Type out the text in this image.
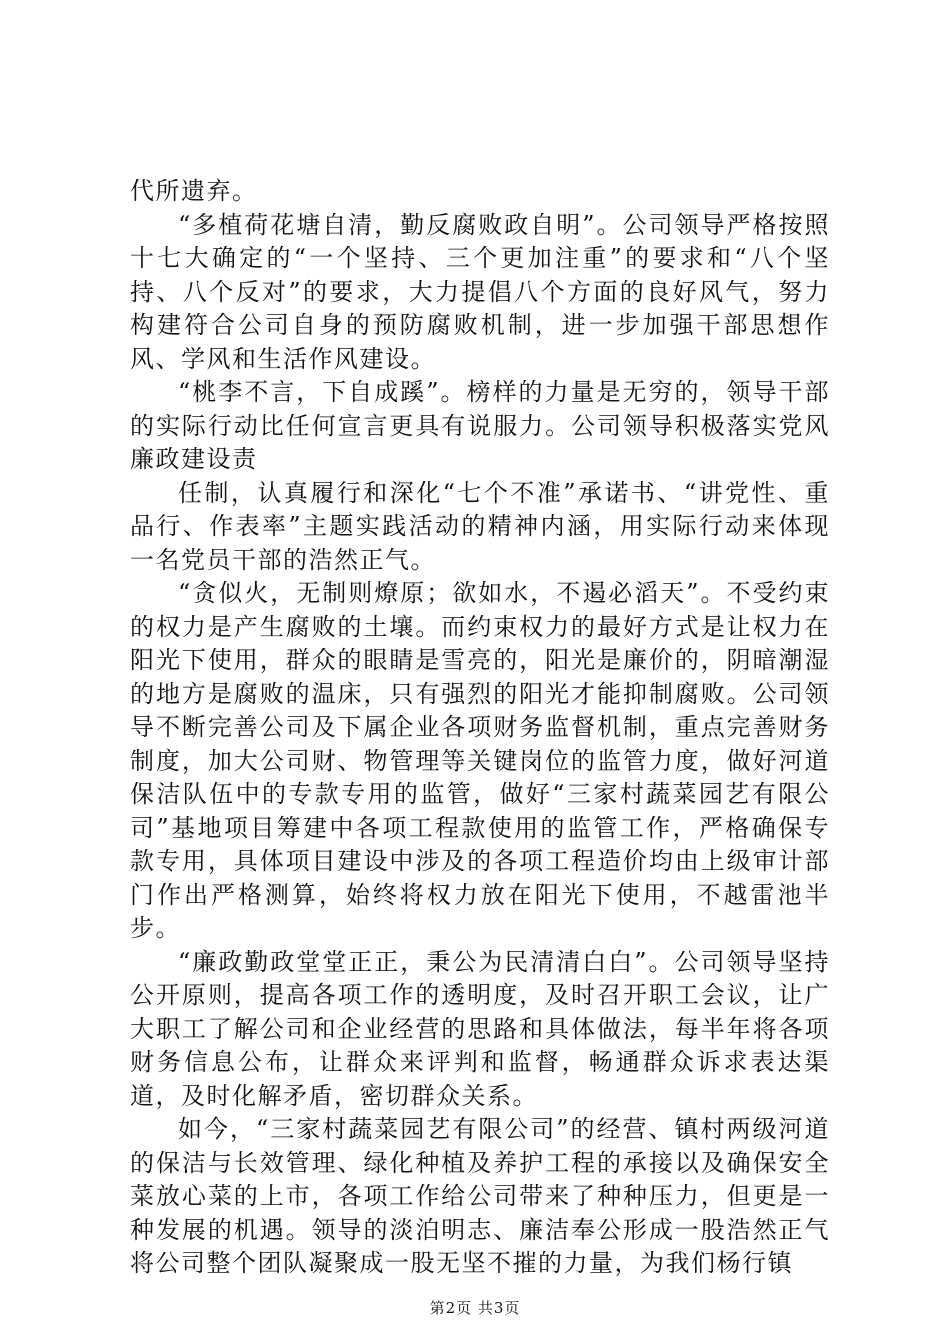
代所遗弃。

“多植荷花塘自清，勤反腐败政自明”。公司领导严格按照十七大确定的“一个坚持、三个更加注重”的要求和“八个坚持、八个反对”的要求，大力提倡八个方面的良好风气，努力构建符合公司自身的预防腐败机制，进一步加强干部思想作风、学风和生活作风建设。

“桃李不言，下自成蹊”。榜样的力量是无穷的，领导干部的实际行动比任何宣言更具有说服力。公司领导积极落实党风廉政建设责

任制，认真履行和深化“七个不准”承诺书、“讲党性、重品行、作表率”主题实践活动的精神内涵，用实际行动来体现一名党员干部的浩然正气。

“贪似火，无制则燎原；欲如水，不遏必滔天”。不受约束的权力是产生腐败的土壤。而约束权力的最好方式是让权力在阳光下使用，群众的眼睛是雪亮的，阳光是廉价的，阴暗潮湿的地方是腐败的温床，只有强烈的阳光才能抑制腐败。公司领导不断完善公司及下属企业各项财务监督机制，重点完善财务制度，加大公司财、物管理等关键岗位的监管力度，做好河道保洁队伍中的专款专用的监管，做好“三家村蔬菜园艺有限公司”基地项目筹建中各项工程款使用的监管工作，严格确保专款专用，具体项目建设中涉及的各项工程造价均由上级审计部门作出严格测算，始终将权力放在阳光下使用，不越雷池半步。

“廉政勤政堂堂正正，秉公为民清清白白”。公司领导坚持公开原则，提高各项工作的透明度，及时召开职工会议，让广大职工了解公司和企业经营的思路和具体做法，每半年将各项财务信息公布，让群众来评判和监督，畅通群众诉求表达渠道，及时化解矛盾，密切群众关系。

如今，“三家村蔬菜园艺有限公司”的经营、镇村两级河道的保洁与长效管理、绿化种植及养护工程的承接以及确保安全菜放心菜的上市，各项工作给公司带来了种种压力，但更是一种发展的机遇。领导的淡泊明志、廉洁奉公形成一股浩然正气将公司整个团队凝聚成一股无坚不摧的力量，为我们杨行镇

第2页 共3页
